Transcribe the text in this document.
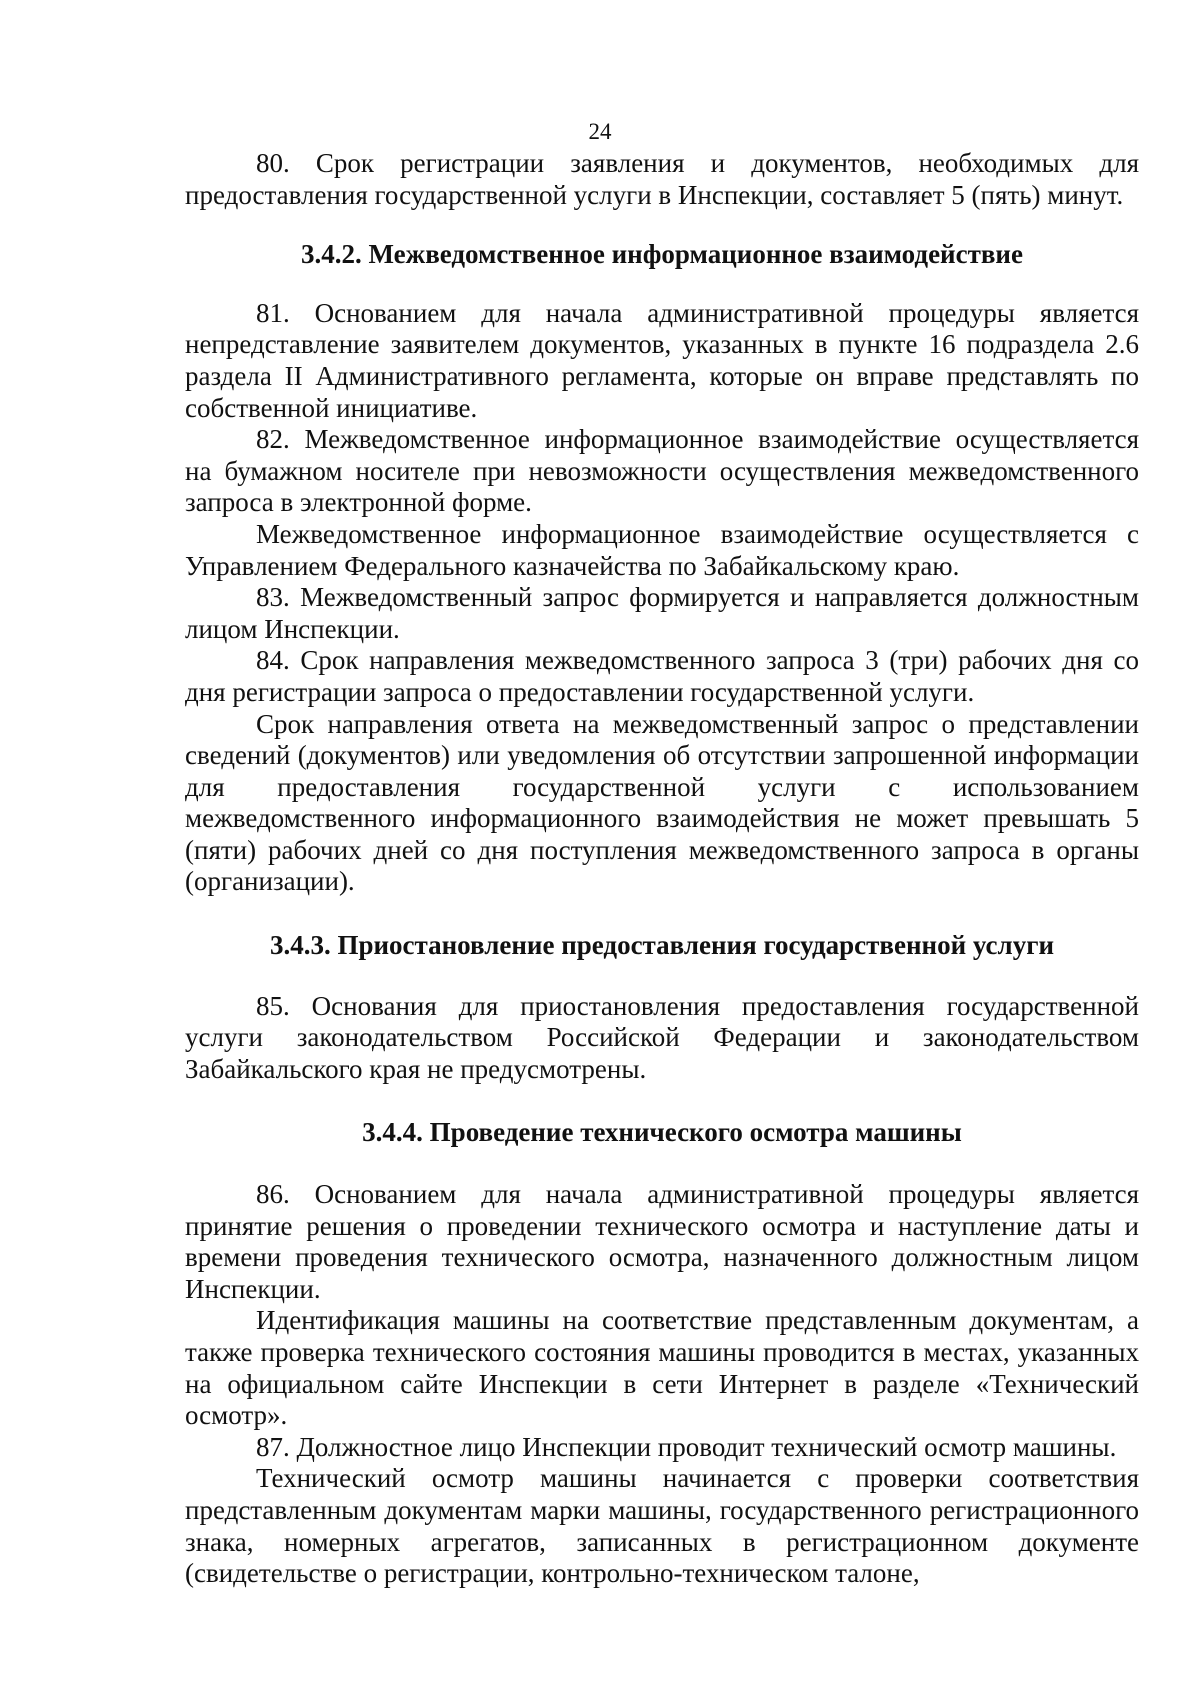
24

80. Срок регистрации заявления и документов, необходимых для предоставления государственной услуги в Инспекции, составляет 5 (пять) минут.

3.4.2. Межведомственное информационное взаимодействие

81. Основанием для начала административной процедуры является непредставление заявителем документов, указанных в пункте 16 подраздела 2.6 раздела II Административного регламента, которые он вправе представлять по собственной инициативе.

82. Межведомственное информационное взаимодействие осуществляется на бумажном носителе при невозможности осуществления межведомственного запроса в электронной форме.

Межведомственное информационное взаимодействие осуществляется с Управлением Федерального казначейства по Забайкальскому краю.

83. Межведомственный запрос формируется и направляется должностным лицом Инспекции.

84. Срок направления межведомственного запроса 3 (три) рабочих дня со дня регистрации запроса о предоставлении государственной услуги.

Срок направления ответа на межведомственный запрос о представлении сведений (документов) или уведомления об отсутствии запрошенной информации для предоставления государственной услуги с использованием межведомственного информационного взаимодействия не может превышать 5 (пяти) рабочих дней со дня поступления межведомственного запроса в органы (организации).

3.4.3. Приостановление предоставления государственной услуги

85. Основания для приостановления предоставления государственной услуги законодательством Российской Федерации и законодательством Забайкальского края не предусмотрены.

3.4.4. Проведение технического осмотра машины

86. Основанием для начала административной процедуры является принятие решения о проведении технического осмотра и наступление даты и времени проведения технического осмотра, назначенного должностным лицом Инспекции.

Идентификация машины на соответствие представленным документам, а также проверка технического состояния машины проводится в местах, указанных на официальном сайте Инспекции в сети Интернет в разделе «Технический осмотр».

87. Должностное лицо Инспекции проводит технический осмотр машины.

Технический осмотр машины начинается с проверки соответствия представленным документам марки машины, государственного регистрационного знака, номерных агрегатов, записанных в регистрационном документе (свидетельстве о регистрации, контрольно-техническом талоне,
